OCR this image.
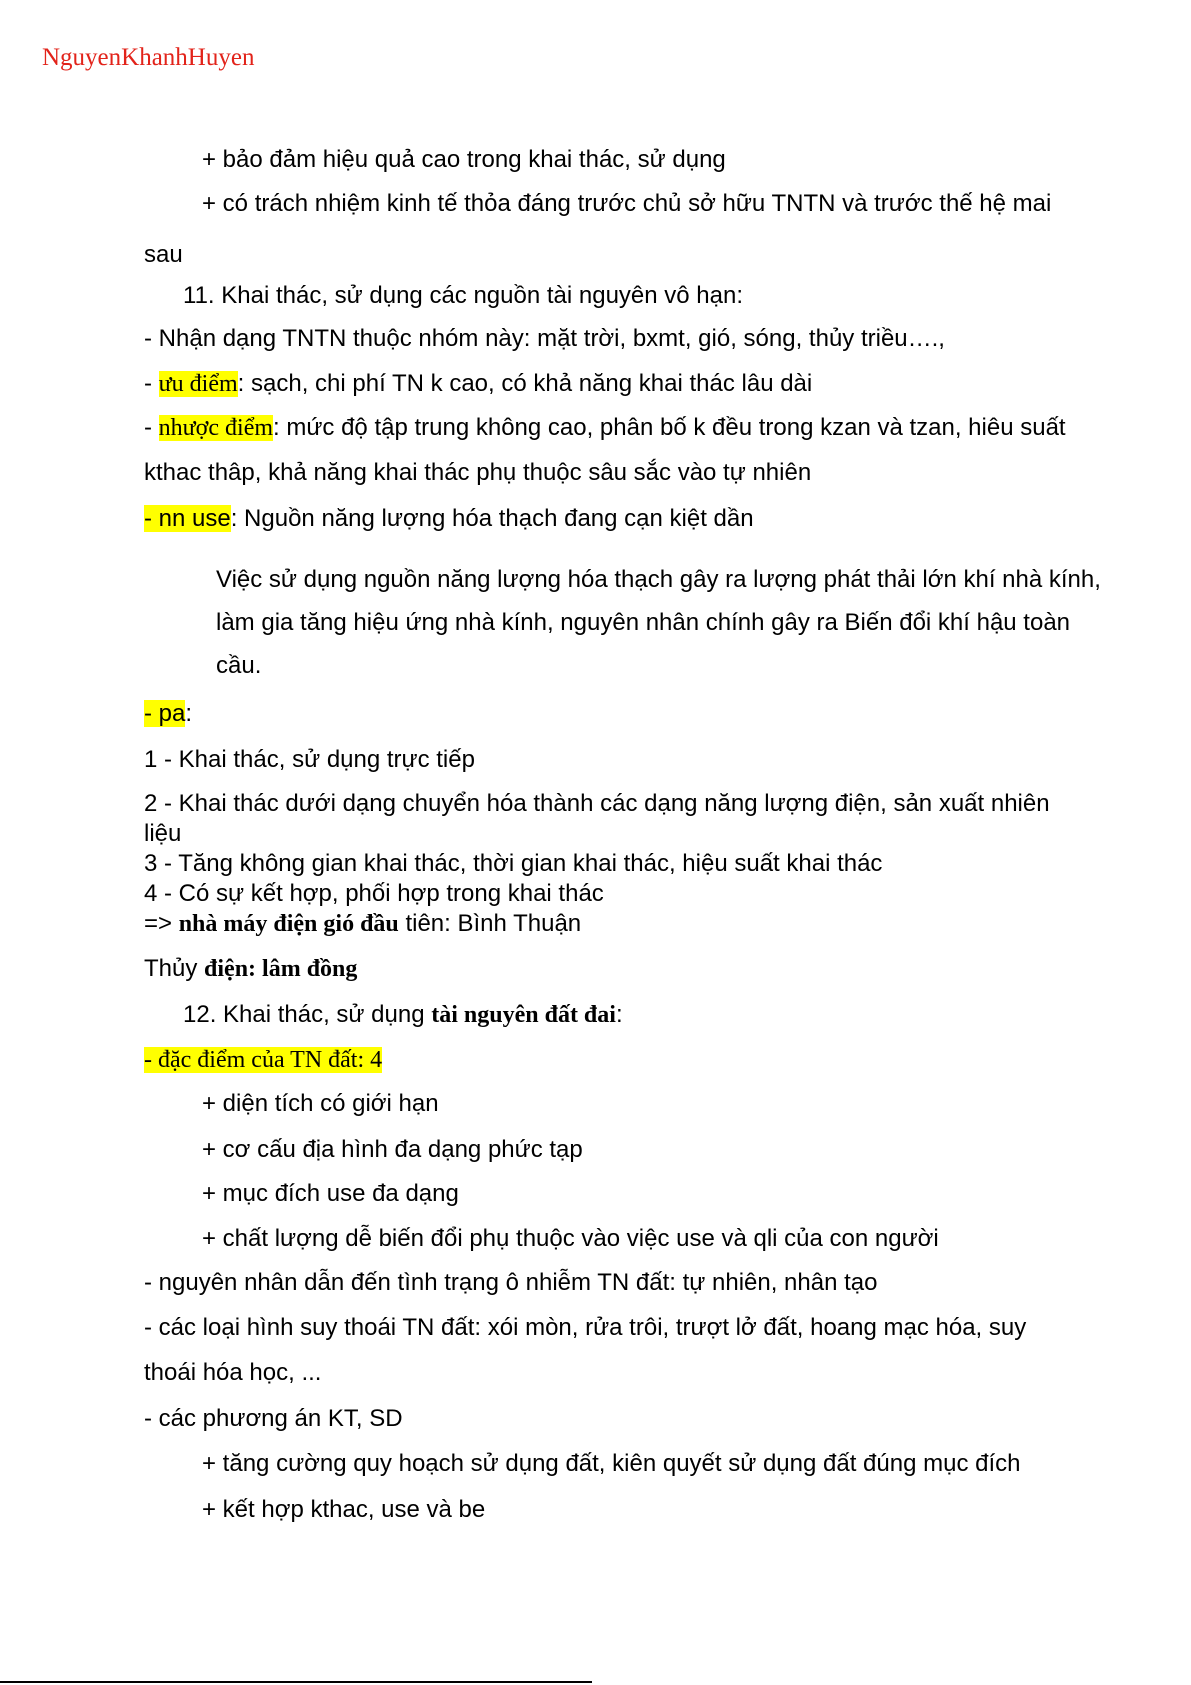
NguyenKhanhHuyen
+ bảo đảm hiệu quả cao trong khai thác, sử dụng
+ có trách nhiệm kinh tế thỏa đáng trước chủ sở hữu TNTN và trước thế hệ mai
sau
11. Khai thác, sử dụng các nguồn tài nguyên vô hạn:
- Nhận dạng TNTN thuộc nhóm này: mặt trời, bxmt, gió, sóng, thủy triều….,
- ưu điểm: sạch, chi phí TN k cao, có khả năng khai thác lâu dài
- nhược điểm: mức độ tập trung không cao, phân bố k đều trong kzan và tzan, hiêu suất
kthac thâp, khả năng khai thác phụ thuộc sâu sắc vào tự nhiên
- nn use: Nguồn năng lượng hóa thạch đang cạn kiệt dần
Việc sử dụng nguồn năng lượng hóa thạch gây ra lượng phát thải lớn khí nhà kính, làm gia tăng hiệu ứng nhà kính, nguyên nhân chính gây ra Biến đổi khí hậu toàn cầu.
- pa:
1 - Khai thác, sử dụng trực tiếp
2 - Khai thác dưới dạng chuyển hóa thành các dạng năng lượng điện, sản xuất nhiên
liệu
3 - Tăng không gian khai thác, thời gian khai thác, hiệu suất khai thác
4 - Có sự kết hợp, phối hợp trong khai thác
=> nhà máy điện gió đầu tiên: Bình Thuận
Thủy điện: lâm đồng
12. Khai thác, sử dụng tài nguyên đất đai:
- đặc điểm của TN đất: 4
+ diện tích có giới hạn
+ cơ cấu địa hình đa dạng phức tạp
+ mục đích use đa dạng
+ chất lượng dễ biến đổi phụ thuộc vào việc use và qli của con người
- nguyên nhân dẫn đến tình trạng ô nhiễm TN đất: tự nhiên, nhân tạo
- các loại hình suy thoái TN đất: xói mòn, rửa trôi, trượt lở đất, hoang mạc hóa, suy
thoái hóa học, ...
- các phương án KT, SD
+ tăng cường quy hoạch sử dụng đất, kiên quyết sử dụng đất đúng mục đích
+ kết hợp kthac, use và be
